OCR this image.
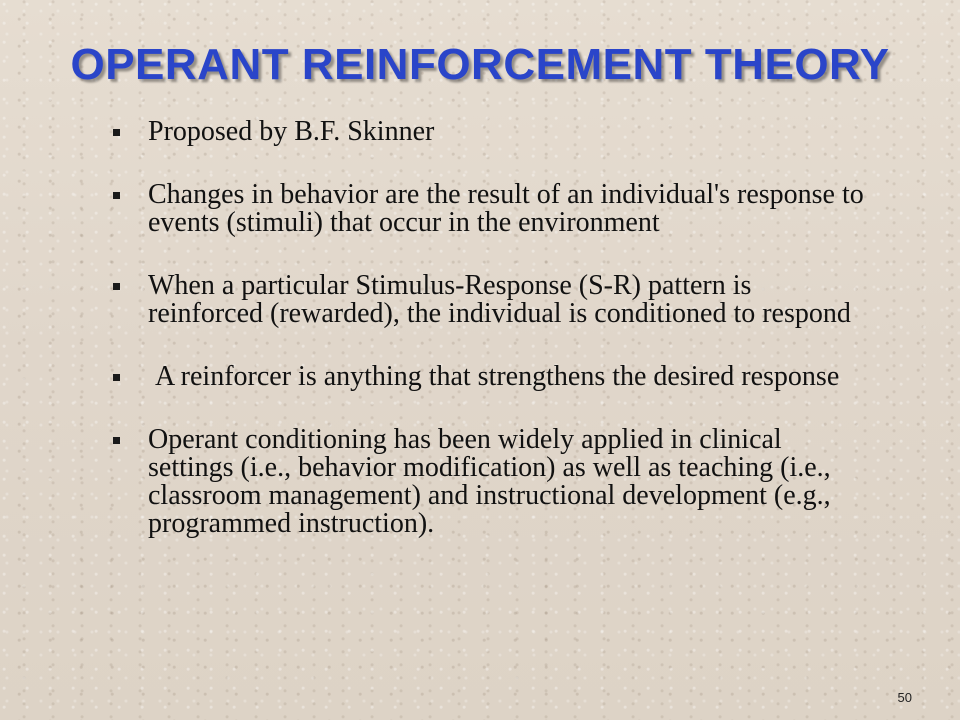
OPERANT REINFORCEMENT THEORY
Proposed by B.F. Skinner
Changes in behavior are the result of an individual's response to events (stimuli) that occur in the environment
When a particular Stimulus-Response (S-R) pattern is reinforced (rewarded), the individual is conditioned to respond
A reinforcer is anything that strengthens the desired response
Operant conditioning has been widely applied in clinical settings (i.e., behavior modification) as well as teaching (i.e., classroom management) and instructional development (e.g., programmed instruction).
50
